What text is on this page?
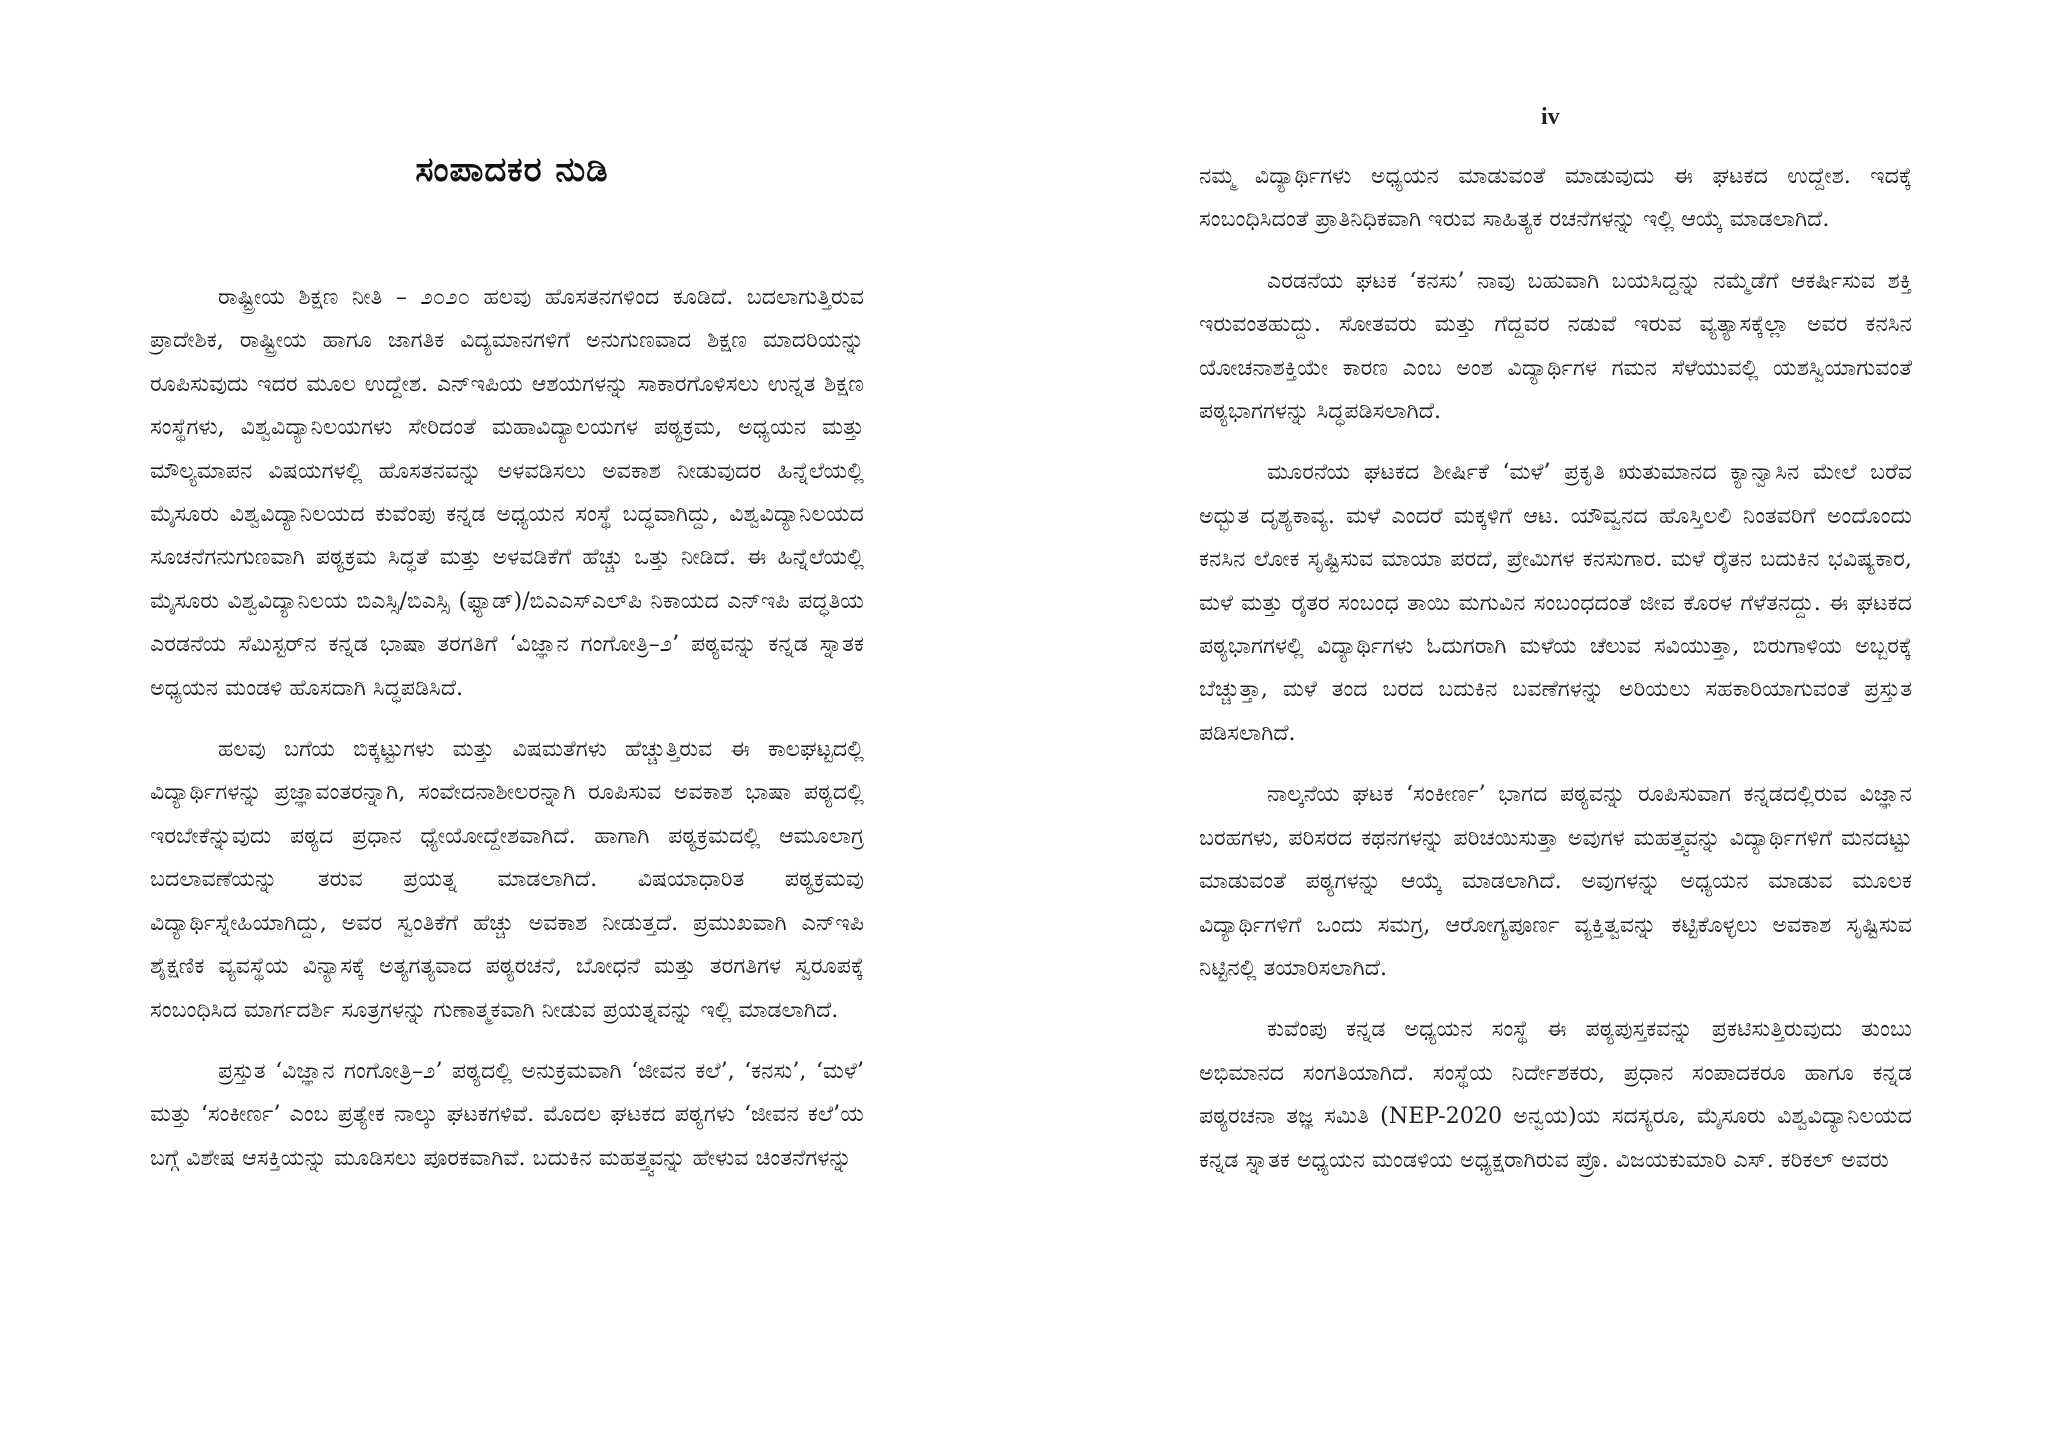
ಸಂಪಾದಕರ ನುಡಿ

ರಾಷ್ಟ್ರೀಯ ಶಿಕ್ಷಣ ನೀತಿ – ೨೦೨೦ ಹಲವು ಹೊಸತನಗಳಿಂದ ಕೂಡಿದೆ. ಬದಲಾಗುತ್ತಿರುವ ಪ್ರಾದೇಶಿಕ, ರಾಷ್ಟ್ರೀಯ ಹಾಗೂ ಜಾಗತಿಕ ವಿದ್ಯಮಾನಗಳಿಗೆ ಅನುಗುಣವಾದ ಶಿಕ್ಷಣ ಮಾದರಿಯನ್ನು ರೂಪಿಸುವುದು ಇದರ ಮೂಲ ಉದ್ದೇಶ. ಎನ್‌ಇಪಿಯ ಆಶಯಗಳನ್ನು ಸಾಕಾರಗೊಳಿಸಲು ಉನ್ನತ ಶಿಕ್ಷಣ ಸಂಸ್ಥೆಗಳು, ವಿಶ್ವವಿದ್ಯಾನಿಲಯಗಳು ಸೇರಿದಂತೆ ಮಹಾವಿದ್ಯಾಲಯಗಳ ಪಠ್ಯಕ್ರಮ, ಅಧ್ಯಯನ ಮತ್ತು ಮೌಲ್ಯಮಾಪನ ವಿಷಯಗಳಲ್ಲಿ ಹೊಸತನವನ್ನು ಅಳವಡಿಸಲು ಅವಕಾಶ ನೀಡುವುದರ ಹಿನ್ನೆಲೆಯಲ್ಲಿ ಮೈಸೂರು ವಿಶ್ವವಿದ್ಯಾನಿಲಯದ ಕುವೆಂಪು ಕನ್ನಡ ಅಧ್ಯಯನ ಸಂಸ್ಥೆ ಬದ್ಧವಾಗಿದ್ದು, ವಿಶ್ವವಿದ್ಯಾನಿಲಯದ ಸೂಚನೆಗನುಗುಣವಾಗಿ ಪಠ್ಯಕ್ರಮ ಸಿದ್ಧತೆ ಮತ್ತು ಅಳವಡಿಕೆಗೆ ಹೆಚ್ಚು ಒತ್ತು ನೀಡಿದೆ. ಈ ಹಿನ್ನೆಲೆಯಲ್ಲಿ ಮೈಸೂರು ವಿಶ್ವವಿದ್ಯಾನಿಲಯ ಬಿಎಸ್ಸಿ/ಬಿಎಸ್ಸಿ (ಫ್ಯಾಡ್)/ಬಿಎಎಸ್‌ಎಲ್‌ಪಿ ನಿಕಾಯದ ಎನ್‌ಇಪಿ ಪದ್ಧತಿಯ ಎರಡನೆಯ ಸೆಮಿಸ್ಟರ್‌ನ ಕನ್ನಡ ಭಾಷಾ ತರಗತಿಗೆ ‘ವಿಜ್ಞಾನ ಗಂಗೋತ್ರಿ–೨’ ಪಠ್ಯವನ್ನು ಕನ್ನಡ ಸ್ನಾತಕ ಅಧ್ಯಯನ ಮಂಡಳಿ ಹೊಸದಾಗಿ ಸಿದ್ಧಪಡಿಸಿದೆ.

ಹಲವು ಬಗೆಯ ಬಿಕ್ಕಟ್ಟುಗಳು ಮತ್ತು ವಿಷಮತೆಗಳು ಹೆಚ್ಚುತ್ತಿರುವ ಈ ಕಾಲಘಟ್ಟದಲ್ಲಿ ವಿದ್ಯಾರ್ಥಿಗಳನ್ನು ಪ್ರಜ್ಞಾವಂತರನ್ನಾಗಿ, ಸಂವೇದನಾಶೀಲರನ್ನಾಗಿ ರೂಪಿಸುವ ಅವಕಾಶ ಭಾಷಾ ಪಠ್ಯದಲ್ಲಿ ಇರಬೇಕೆನ್ನುವುದು ಪಠ್ಯದ ಪ್ರಧಾನ ಧ್ಯೇಯೋದ್ದೇಶವಾಗಿದೆ. ಹಾಗಾಗಿ ಪಠ್ಯಕ್ರಮದಲ್ಲಿ ಆಮೂಲಾಗ್ರ ಬದಲಾವಣೆಯನ್ನು ತರುವ ಪ್ರಯತ್ನ ಮಾಡಲಾಗಿದೆ. ವಿಷಯಾಧಾರಿತ ಪಠ್ಯಕ್ರಮವು ವಿದ್ಯಾರ್ಥಿಸ್ನೇಹಿಯಾಗಿದ್ದು, ಅವರ ಸ್ವಂತಿಕೆಗೆ ಹೆಚ್ಚು ಅವಕಾಶ ನೀಡುತ್ತದೆ. ಪ್ರಮುಖವಾಗಿ ಎನ್‌ಇಪಿ ಶೈಕ್ಷಣಿಕ ವ್ಯವಸ್ಥೆಯ ವಿನ್ಯಾಸಕ್ಕೆ ಅತ್ಯಗತ್ಯವಾದ ಪಠ್ಯರಚನೆ, ಬೋಧನೆ ಮತ್ತು ತರಗತಿಗಳ ಸ್ವರೂಪಕ್ಕೆ ಸಂಬಂಧಿಸಿದ ಮಾರ್ಗದರ್ಶಿ ಸೂತ್ರಗಳನ್ನು ಗುಣಾತ್ಮಕವಾಗಿ ನೀಡುವ ಪ್ರಯತ್ನವನ್ನು ಇಲ್ಲಿ ಮಾಡಲಾಗಿದೆ.

ಪ್ರಸ್ತುತ ‘ವಿಜ್ಞಾನ ಗಂಗೋತ್ರಿ–೨’ ಪಠ್ಯದಲ್ಲಿ ಅನುಕ್ರಮವಾಗಿ ‘ಜೀವನ ಕಲೆ’, ‘ಕನಸು’, ‘ಮಳೆ’ ಮತ್ತು ‘ಸಂಕೀರ್ಣ’ ಎಂಬ ಪ್ರತ್ಯೇಕ ನಾಲ್ಕು ಘಟಕಗಳಿವೆ. ಮೊದಲ ಘಟಕದ ಪಠ್ಯಗಳು ‘ಜೀವನ ಕಲೆ’ಯ ಬಗ್ಗೆ ವಿಶೇಷ ಆಸಕ್ತಿಯನ್ನು ಮೂಡಿಸಲು ಪೂರಕವಾಗಿವೆ. ಬದುಕಿನ ಮಹತ್ತ್ವವನ್ನು ಹೇಳುವ ಚಿಂತನೆಗಳನ್ನು

iv

ನಮ್ಮ ವಿದ್ಯಾರ್ಥಿಗಳು ಅಧ್ಯಯನ ಮಾಡುವಂತೆ ಮಾಡುವುದು ಈ ಘಟಕದ ಉದ್ದೇಶ. ಇದಕ್ಕೆ ಸಂಬಂಧಿಸಿದಂತೆ ಪ್ರಾತಿನಿಧಿಕವಾಗಿ ಇರುವ ಸಾಹಿತ್ಯಕ ರಚನೆಗಳನ್ನು ಇಲ್ಲಿ ಆಯ್ಕೆ ಮಾಡಲಾಗಿದೆ.

ಎರಡನೆಯ ಘಟಕ ‘ಕನಸು’ ನಾವು ಬಹುವಾಗಿ ಬಯಸಿದ್ದನ್ನು ನಮ್ಮೆಡೆಗೆ ಆಕರ್ಷಿಸುವ ಶಕ್ತಿ ಇರುವಂತಹುದ್ದು. ಸೋತವರು ಮತ್ತು ಗೆದ್ದವರ ನಡುವೆ ಇರುವ ವ್ಯತ್ಯಾಸಕ್ಕೆಲ್ಲಾ ಅವರ ಕನಸಿನ ಯೋಚನಾಶಕ್ತಿಯೇ ಕಾರಣ ಎಂಬ ಅಂಶ ವಿದ್ಯಾರ್ಥಿಗಳ ಗಮನ ಸೆಳೆಯುವಲ್ಲಿ ಯಶಸ್ವಿಯಾಗುವಂತೆ ಪಠ್ಯಭಾಗಗಳನ್ನು ಸಿದ್ಧಪಡಿಸಲಾಗಿದೆ.

ಮೂರನೆಯ ಘಟಕದ ಶೀರ್ಷಿಕೆ ‘ಮಳೆ’ ಪ್ರಕೃತಿ ಋತುಮಾನದ ಕ್ಯಾನ್ವಾಸಿನ ಮೇಲೆ ಬರೆವ ಅದ್ಭುತ ದೃಶ್ಯಕಾವ್ಯ. ಮಳೆ ಎಂದರೆ ಮಕ್ಕಳಿಗೆ ಆಟ. ಯೌವ್ವನದ ಹೊಸ್ತಿಲಲಿ ನಿಂತವರಿಗೆ ಅಂದೊಂದು ಕನಸಿನ ಲೋಕ ಸೃಷ್ಟಿಸುವ ಮಾಯಾ ಪರದೆ, ಪ್ರೇಮಿಗಳ ಕನಸುಗಾರ. ಮಳೆ ರೈತನ ಬದುಕಿನ ಭವಿಷ್ಯಕಾರ, ಮಳೆ ಮತ್ತು ರೈತರ ಸಂಬಂಧ ತಾಯಿ ಮಗುವಿನ ಸಂಬಂಧದಂತೆ ಜೀವ ಕೊರಳ ಗೆಳೆತನದ್ದು. ಈ ಘಟಕದ ಪಠ್ಯಭಾಗಗಳಲ್ಲಿ ವಿದ್ಯಾರ್ಥಿಗಳು ಓದುಗರಾಗಿ ಮಳೆಯ ಚೆಲುವ ಸವಿಯುತ್ತಾ, ಬಿರುಗಾಳಿಯ ಅಬ್ಬರಕ್ಕೆ ಬೆಚ್ಚುತ್ತಾ, ಮಳೆ ತಂದ ಬರದ ಬದುಕಿನ ಬವಣೆಗಳನ್ನು ಅರಿಯಲು ಸಹಕಾರಿಯಾಗುವಂತೆ ಪ್ರಸ್ತುತ ಪಡಿಸಲಾಗಿದೆ.

ನಾಲ್ಕನೆಯ ಘಟಕ ‘ಸಂಕೀರ್ಣ’ ಭಾಗದ ಪಠ್ಯವನ್ನು ರೂಪಿಸುವಾಗ ಕನ್ನಡದಲ್ಲಿರುವ ವಿಜ್ಞಾನ ಬರಹಗಳು, ಪರಿಸರದ ಕಥನಗಳನ್ನು ಪರಿಚಯಿಸುತ್ತಾ ಅವುಗಳ ಮಹತ್ತ್ವವನ್ನು ವಿದ್ಯಾರ್ಥಿಗಳಿಗೆ ಮನದಟ್ಟು ಮಾಡುವಂತೆ ಪಠ್ಯಗಳನ್ನು ಆಯ್ಕೆ ಮಾಡಲಾಗಿದೆ. ಅವುಗಳನ್ನು ಅಧ್ಯಯನ ಮಾಡುವ ಮೂಲಕ ವಿದ್ಯಾರ್ಥಿಗಳಿಗೆ ಒಂದು ಸಮಗ್ರ, ಆರೋಗ್ಯಪೂರ್ಣ ವ್ಯಕ್ತಿತ್ವವನ್ನು ಕಟ್ಟಿಕೊಳ್ಳಲು ಅವಕಾಶ ಸೃಷ್ಟಿಸುವ ನಿಟ್ಟಿನಲ್ಲಿ ತಯಾರಿಸಲಾಗಿದೆ.

ಕುವೆಂಪು ಕನ್ನಡ ಅಧ್ಯಯನ ಸಂಸ್ಥೆ ಈ ಪಠ್ಯಪುಸ್ತಕವನ್ನು ಪ್ರಕಟಿಸುತ್ತಿರುವುದು ತುಂಬು ಅಭಿಮಾನದ ಸಂಗತಿಯಾಗಿದೆ. ಸಂಸ್ಥೆಯ ನಿರ್ದೇಶಕರು, ಪ್ರಧಾನ ಸಂಪಾದಕರೂ ಹಾಗೂ ಕನ್ನಡ ಪಠ್ಯರಚನಾ ತಜ್ಞ ಸಮಿತಿ (NEP-2020 ಅನ್ವಯ)ಯ ಸದಸ್ಯರೂ, ಮೈಸೂರು ವಿಶ್ವವಿದ್ಯಾನಿಲಯದ ಕನ್ನಡ ಸ್ನಾತಕ ಅಧ್ಯಯನ ಮಂಡಳಿಯ ಅಧ್ಯಕ್ಷರಾಗಿರುವ ಪ್ರೊ. ವಿಜಯಕುಮಾರಿ ಎಸ್. ಕರಿಕಲ್ ಅವರು
